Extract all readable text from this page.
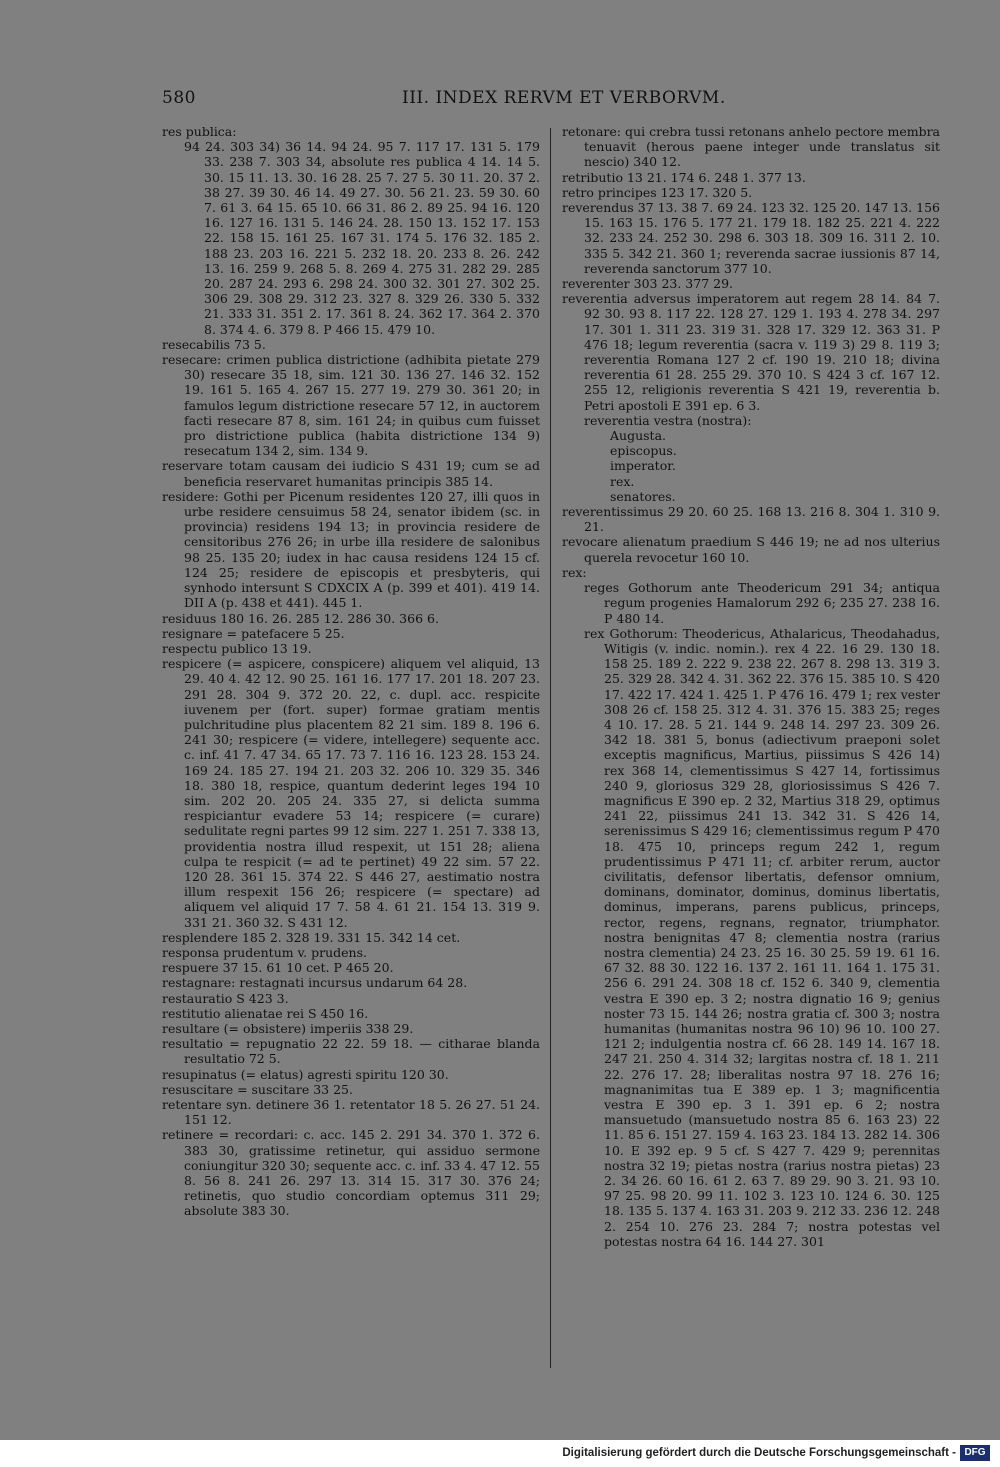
580	III. INDEX RERVM ET VERBORVM.

res publica:

94 24. 303 34) 36 14. 94 24. 95 7. 117 17. 131 5. 179 33. 238 7. 303 34, absolute res publica 4 14. 14 5. 30. 15 11. 13. 30. 16 28. 25 7. 27 5. 30 11. 20. 37 2. 38 27. 39 30. 46 14. 49 27. 30. 56 21. 23. 59 30. 60 7. 61 3. 64 15. 65 10. 66 31. 86 2. 89 25. 94 16. 120 16. 127 16. 131 5. 146 24. 28. 150 13. 152 17. 153 22. 158 15. 161 25. 167 31. 174 5. 176 32. 185 2. 188 23. 203 16. 221 5. 232 18. 20. 233 8. 26. 242 13. 16. 259 9. 268 5. 8. 269 4. 275 31. 282 29. 285 20. 287 24. 293 6. 298 24. 300 32. 301 27. 302 25. 306 29. 308 29. 312 23. 327 8. 329 26. 330 5. 332 21. 333 31. 351 2. 17. 361 8. 24. 362 17. 364 2. 370 8. 374 4. 6. 379 8. P 466 15. 479 10.

resecabilis 73 5.

resecare: crimen publica districtione (adhibita pietate 279 30) resecare 35 18, sim. 121 30. 136 27. 146 32. 152 19. 161 5. 165 4. 267 15. 277 19. 279 30. 361 20; in famulos legum districtione resecare 57 12, in auctorem facti resecare 87 8, sim. 161 24; in quibus cum fuisset pro districtione publica (habita districtione 134 9) resecatum 134 2, sim. 134 9.

reservare totam causam dei iudicio S 431 19; cum se ad beneficia reservaret humanitas principis 385 14.

residere: Gothi per Picenum residentes 120 27, illi quos in urbe residere censuimus 58 24, senator ibidem (sc. in provincia) residens 194 13; in provincia residere de censitoribus 276 26; in urbe illa residere de salonibus 98 25. 135 20; iudex in hac causa residens 124 15 cf. 124 25; residere de episcopis et presbyteris, qui synhodo intersunt S CDXCIX A (p. 399 et 401). 419 14. DII A (p. 438 et 441). 445 1.

residuus 180 16. 26. 285 12. 286 30. 366 6.

resignare = patefacere 5 25.

respectu publico 13 19.

respicere (= aspicere, conspicere) aliquem vel aliquid, 13 29. 40 4. 42 12. 90 25. 161 16. 177 17. 201 18. 207 23. 291 28. 304 9. 372 20. 22, c. dupl. acc. respicite iuvenem per (fort. super) formae gratiam mentis pulchritudine plus placentem 82 21 sim. 189 8. 196 6. 241 30; respicere (= videre, intellegere) sequente acc. c. inf. 41 7. 47 34. 65 17. 73 7. 116 16. 123 28. 153 24. 169 24. 185 27. 194 21. 203 32. 206 10. 329 35. 346 18. 380 18, respice, quantum dederint leges 194 10 sim. 202 20. 205 24. 335 27, si delicta summa respiciantur evadere 53 14; respicere (= curare) sedulitate regni partes 99 12 sim. 227 1. 251 7. 338 13, providentia nostra illud respexit, ut 151 28; aliena culpa te respicit (= ad te pertinet) 49 22 sim. 57 22. 120 28. 361 15. 374 22. S 446 27, aestimatio nostra illum respexit 156 26; respicere (= spectare) ad aliquem vel aliquid 17 7. 58 4. 61 21. 154 13. 319 9. 331 21. 360 32. S 431 12.

resplendere 185 2. 328 19. 331 15. 342 14 cet.

responsa prudentum v. prudens.

respuere 37 15. 61 10 cet. P 465 20.

restagnare: restagnati incursus undarum 64 28.

restauratio S 423 3.

restitutio alienatae rei S 450 16.

resultare (= obsistere) imperiis 338 29.

resultatio = repugnatio 22 22. 59 18. — citharae blanda resultatio 72 5.

resupinatus (= elatus) agresti spiritu 120 30.

resuscitare = suscitare 33 25.

retentare syn. detinere 36 1. retentator 18 5. 26 27. 51 24. 151 12.

retinere = recordari: c. acc. 145 2. 291 34. 370 1. 372 6. 383 30, gratissime retinetur, qui assiduo sermone coniungitur 320 30; sequente acc. c. inf. 33 4. 47 12. 55 8. 56 8. 241 26. 297 13. 314 15. 317 30. 376 24; retinetis, quo studio concordiam optemus 311 29; absolute 383 30.

retonare: qui crebra tussi retonans anhelo pectore membra tenuavit (herous paene integer unde translatus sit nescio) 340 12.

retributio 13 21. 174 6. 248 1. 377 13.

retro principes 123 17. 320 5.

reverendus 37 13. 38 7. 69 24. 123 32. 125 20. 147 13. 156 15. 163 15. 176 5. 177 21. 179 18. 182 25. 221 4. 222 32. 233 24. 252 30. 298 6. 303 18. 309 16. 311 2. 10. 335 5. 342 21. 360 1; reverenda sacrae iussionis 87 14, reverenda sanctorum 377 10.

reverenter 303 23. 377 29.

reverentia adversus imperatorem aut regem 28 14. 84 7. 92 30. 93 8. 117 22. 128 27. 129 1. 193 4. 278 34. 297 17. 301 1. 311 23. 319 31. 328 17. 329 12. 363 31. P 476 18; legum reverentia (sacra v. 119 3) 29 8. 119 3; reverentia Romana 127 2 cf. 190 19. 210 18; divina reverentia 61 28. 255 29. 370 10. S 424 3 cf. 167 12. 255 12, religionis reverentia S 421 19, reverentia b. Petri apostoli E 391 ep. 6 3.

reverentia vestra (nostra):

Augusta.

episcopus.

imperator.

rex.

senatores.

reverentissimus 29 20. 60 25. 168 13. 216 8. 304 1. 310 9. 21.

revocare alienatum praedium S 446 19; ne ad nos ulterius querela revocetur 160 10.

rex:

reges Gothorum ante Theodericum 291 34; antiqua regum progenies Hamalorum 292 6; 235 27. 238 16. P 480 14.

rex Gothorum: Theodericus, Athalaricus, Theodahadus, Witigis (v. indic. nomin.). rex 4 22. 16 29. 130 18. 158 25. 189 2. 222 9. 238 22. 267 8. 298 13. 319 3. 25. 329 28. 342 4. 31. 362 22. 376 15. 385 10. S 420 17. 422 17. 424 1. 425 1. P 476 16. 479 1; rex vester 308 26 cf. 158 25. 312 4. 31. 376 15. 383 25; reges 4 10. 17. 28. 5 21. 144 9. 248 14. 297 23. 309 26. 342 18. 381 5, bonus (adiectivum praeponi solet exceptis magnificus, Martius, piissimus S 426 14) rex 368 14, clementissimus S 427 14, fortissimus 240 9, gloriosus 329 28, gloriosissimus S 426 7. magnificus E 390 ep. 2 32, Martius 318 29, optimus 241 22, piissimus 241 13. 342 31. S 426 14, serenissimus S 429 16; clementissimus regum P 470 18. 475 10, princeps regum 242 1, regum prudentissimus P 471 11; cf. arbiter rerum, auctor civilitatis, defensor libertatis, defensor omnium, dominans, dominator, dominus, dominus libertatis, dominus, imperans, parens publicus, princeps, rector, regens, regnans, regnator, triumphator. nostra benignitas 47 8; clementia nostra (rarius nostra clementia) 24 23. 25 16. 30 25. 59 19. 61 16. 67 32. 88 30. 122 16. 137 2. 161 11. 164 1. 175 31. 256 6. 291 24. 308 18 cf. 152 6. 340 9, clementia vestra E 390 ep. 3 2; nostra dignatio 16 9; genius noster 73 15. 144 26; nostra gratia cf. 300 3; nostra humanitas (humanitas nostra 96 10) 96 10. 100 27. 121 2; indulgentia nostra cf. 66 28. 149 14. 167 18. 247 21. 250 4. 314 32; largitas nostra cf. 18 1. 211 22. 276 17. 28; liberalitas nostra 97 18. 276 16; magnanimitas tua E 389 ep. 1 3; magnificentia vestra E 390 ep. 3 1. 391 ep. 6 2; nostra mansuetudo (mansuetudo nostra 85 6. 163 23) 22 11. 85 6. 151 27. 159 4. 163 23. 184 13. 282 14. 306 10. E 392 ep. 9 5 cf. S 427 7. 429 9; perennitas nostra 32 19; pietas nostra (rarius nostra pietas) 23 2. 34 26. 60 16. 61 2. 63 7. 89 29. 90 3. 21. 93 10. 97 25. 98 20. 99 11. 102 3. 123 10. 124 6. 30. 125 18. 135 5. 137 4. 163 31. 203 9. 212 33. 236 12. 248 2. 254 10. 276 23. 284 7; nostra potestas vel potestas nostra 64 16. 144 27. 301

Digitalisierung gefördert durch die Deutsche Forschungsgemeinschaft - DFG
